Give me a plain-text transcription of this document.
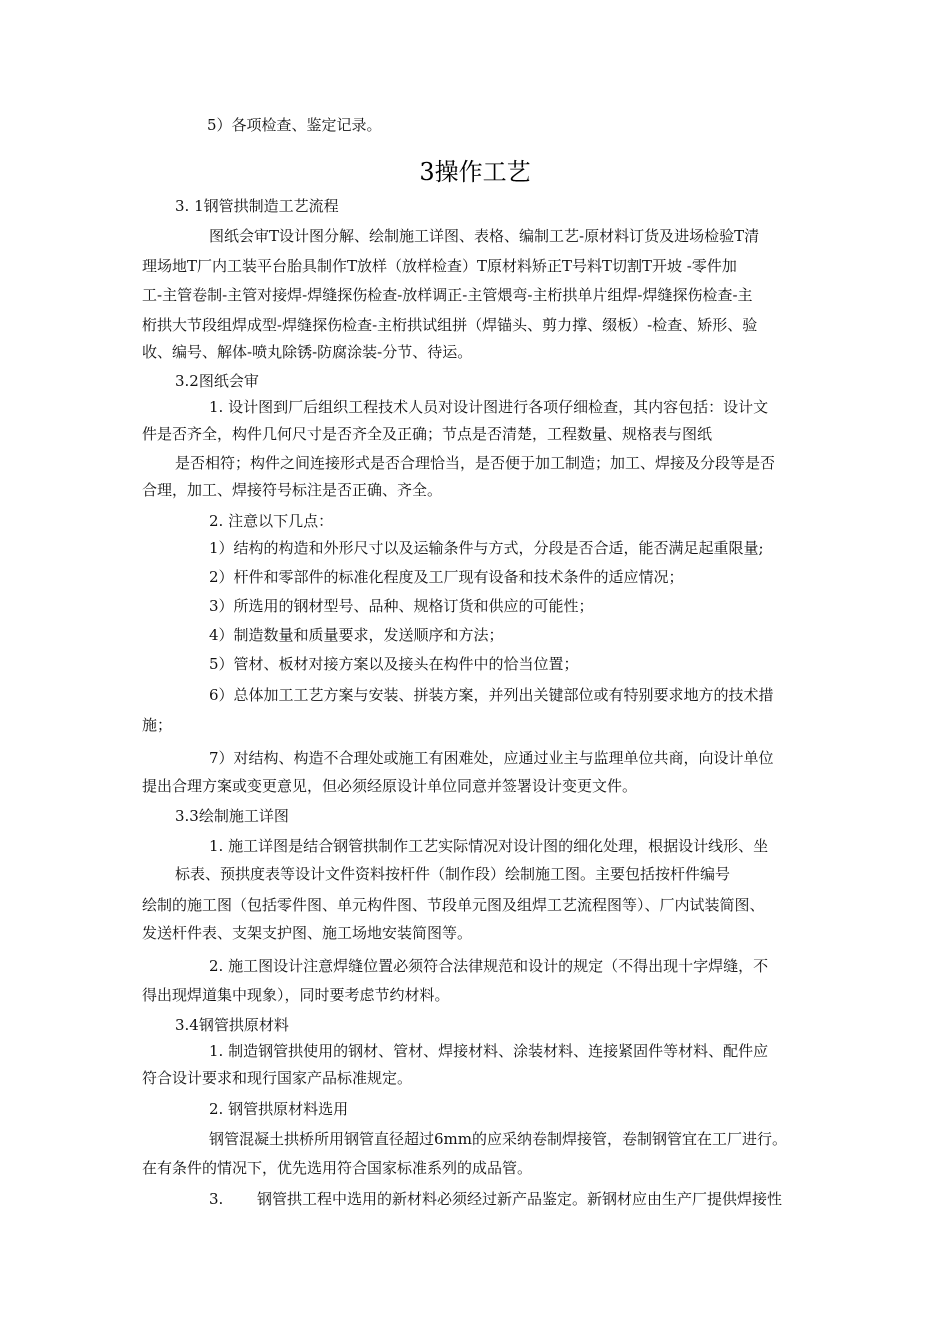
5）各项检查、鉴定记录。
3操作工艺
3. 1钢管拱制造工艺流程
图纸会审T设计图分解、绘制施工详图、表格、编制工艺-原材料订货及进场检验T清
理场地T厂内工装平台胎具制作T放样（放样检查）T原材料矫正T号料T切割T开坡 -零件加
工-主管卷制-主管对接焊-焊缝探伤检查-放样调正-主管煨弯-主桁拱单片组焊-焊缝探伤检查-主
桁拱大节段组焊成型-焊缝探伤检查-主桁拱试组拼（焊锚头、剪力撑、缀板）-检查、矫形、验
收、编号、解体-喷丸除锈-防腐涂装-分节、待运。
3.2图纸会审
1. 设计图到厂后组织工程技术人员对设计图进行各项仔细检查，其内容包括：设计文
件是否齐全，构件几何尺寸是否齐全及正确；节点是否清楚，工程数量、规格表与图纸
是否相符；构件之间连接形式是否合理恰当，是否便于加工制造；加工、焊接及分段等是否
合理，加工、焊接符号标注是否正确、齐全。
2. 注意以下几点：
1）结构的构造和外形尺寸以及运输条件与方式，分段是否合适，能否满足起重限量;
2）杆件和零部件的标准化程度及工厂现有设备和技术条件的适应情况；
3）所选用的钢材型号、品种、规格订货和供应的可能性；
4）制造数量和质量要求，发送顺序和方法；
5）管材、板材对接方案以及接头在构件中的恰当位置；
6）总体加工工艺方案与安装、拼装方案，并列出关键部位或有特别要求地方的技术措
施；
7）对结构、构造不合理处或施工有困难处，应通过业主与监理单位共商，向设计单位
提出合理方案或变更意见，但必须经原设计单位同意并签署设计变更文件。
3.3绘制施工详图
1. 施工详图是结合钢管拱制作工艺实际情况对设计图的细化处理，根据设计线形、坐
标表、预拱度表等设计文件资料按杆件（制作段）绘制施工图。主要包括按杆件编号
绘制的施工图（包括零件图、单元构件图、节段单元图及组焊工艺流程图等）、厂内试装简图、
发送杆件表、支架支护图、施工场地安装简图等。
2. 施工图设计注意焊缝位置必须符合法律规范和设计的规定（不得出现十字焊缝，不
得出现焊道集中现象），同时要考虑节约材料。
3.4钢管拱原材料
1. 制造钢管拱使用的钢材、管材、焊接材料、涂装材料、连接紧固件等材料、配件应
符合设计要求和现行国家产品标准规定。
2. 钢管拱原材料选用
钢管混凝土拱桥所用钢管直径超过6mm的应采纳卷制焊接管，卷制钢管宜在工厂进行。
在有条件的情况下，优先选用符合国家标准系列的成品管。
3. 钢管拱工程中选用的新材料必须经过新产品鉴定。新钢材应由生产厂提供焊接性
